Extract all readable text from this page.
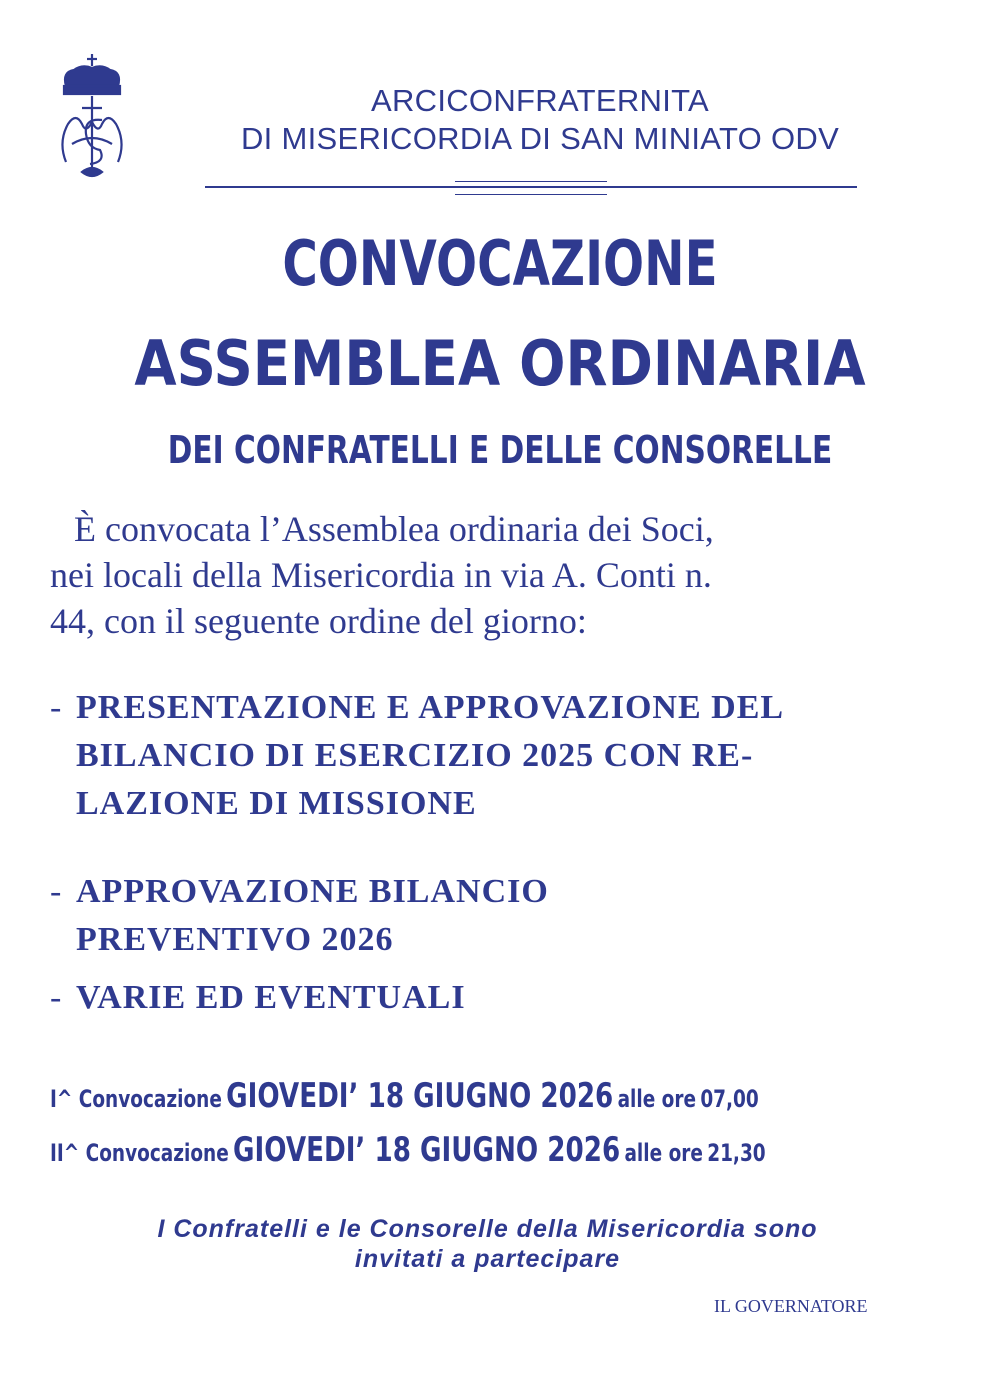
ARCICONFRATERNITA
DI MISERICORDIA DI SAN MINIATO ODV
CONVOCAZIONE
ASSEMBLEA ORDINARIA
DEI CONFRATELLI E DELLE CONSORELLE
È convocata l’Assemblea ordinaria dei Soci,
nei locali della Misericordia in via A. Conti n.
44, con il seguente ordine del giorno:
- PRESENTAZIONE E APPROVAZIONE DEL
BILANCIO DI ESERCIZIO 2025 CON RE-
LAZIONE DI MISSIONE
- APPROVAZIONE BILANCIO
PREVENTIVO 2026
- VARIE ED EVENTUALI
I^ Convocazione GIOVEDI’ 18 GIUGNO 2026 alle ore 07,00
II^ Convocazione GIOVEDI’ 18 GIUGNO 2026 alle ore 21,30
I Confratelli e le Consorelle della Misericordia sono
invitati a partecipare
IL GOVERNATORE
